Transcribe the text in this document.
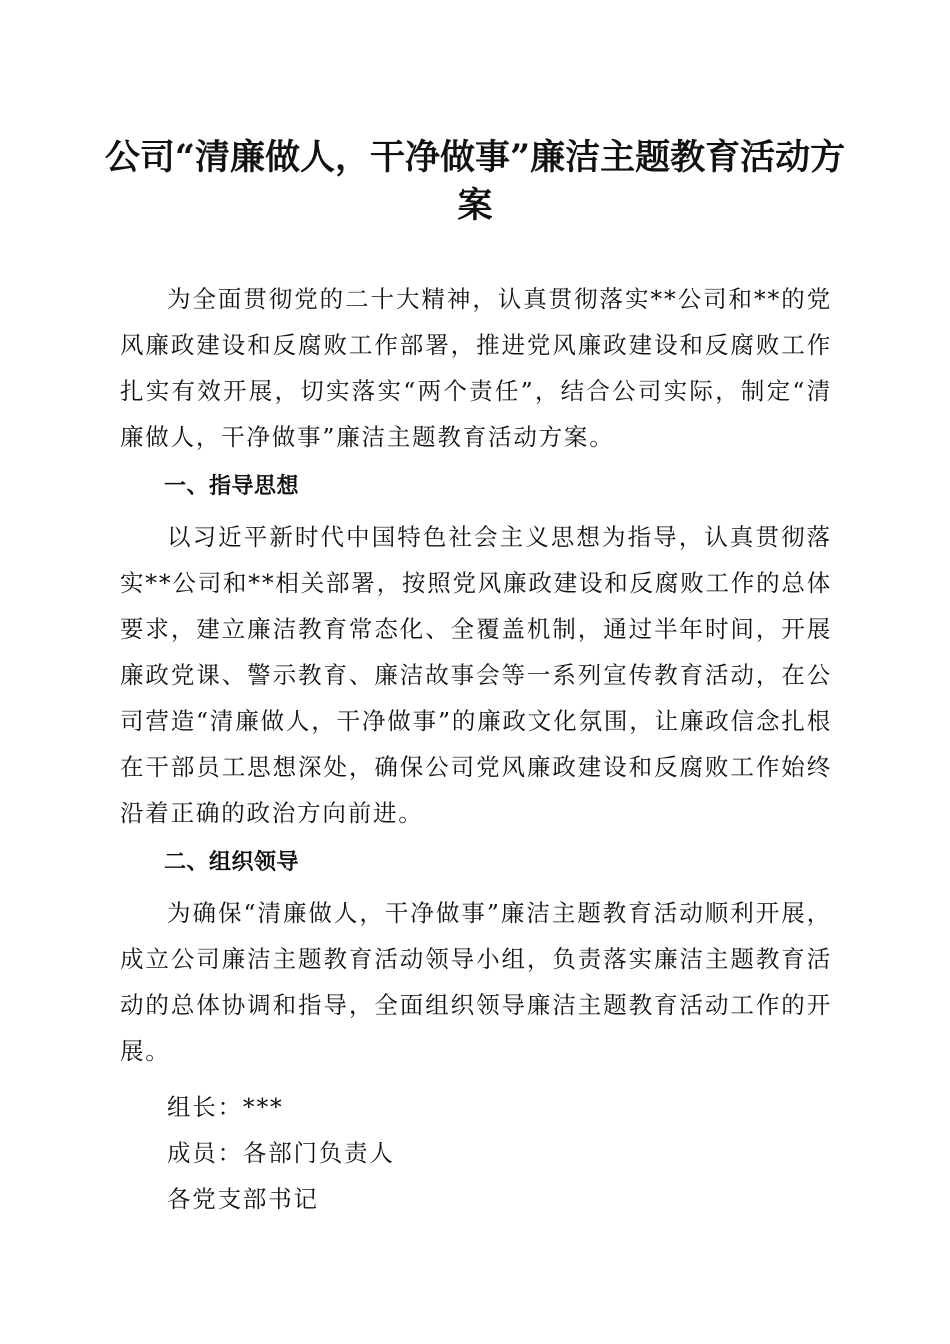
公司“清廉做人，干净做事”廉洁主题教育活动方案

为全面贯彻党的二十大精神，认真贯彻落实**公司和**的党风廉政建设和反腐败工作部署，推进党风廉政建设和反腐败工作扎实有效开展，切实落实“两个责任”，结合公司实际，制定“清廉做人，干净做事”廉洁主题教育活动方案。

一、指导思想

以习近平新时代中国特色社会主义思想为指导，认真贯彻落实**公司和**相关部署，按照党风廉政建设和反腐败工作的总体要求，建立廉洁教育常态化、全覆盖机制，通过半年时间，开展廉政党课、警示教育、廉洁故事会等一系列宣传教育活动，在公司营造“清廉做人，干净做事”的廉政文化氛围，让廉政信念扎根在干部员工思想深处，确保公司党风廉政建设和反腐败工作始终沿着正确的政治方向前进。

二、组织领导

为确保“清廉做人，干净做事”廉洁主题教育活动顺利开展，成立公司廉洁主题教育活动领导小组，负责落实廉洁主题教育活动的总体协调和指导，全面组织领导廉洁主题教育活动工作的开展。

组长：***

成员：各部门负责人

各党支部书记
